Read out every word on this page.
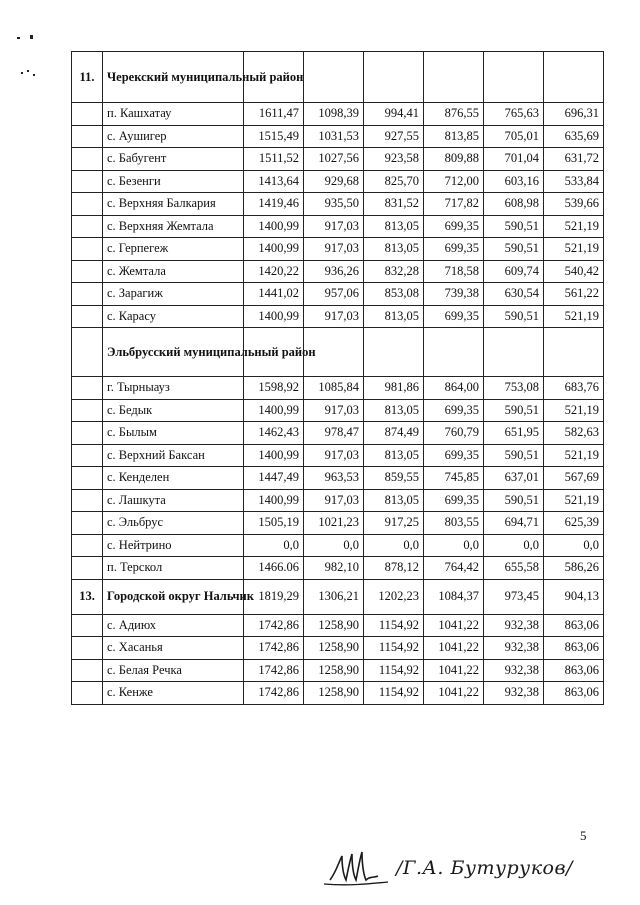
11.	Черекский муниципальный район						
	п. Кашхатау	1611,47	1098,39	994,41	876,55	765,63	696,31
	с. Аушигер	1515,49	1031,53	927,55	813,85	705,01	635,69
	с. Бабугент	1511,52	1027,56	923,58	809,88	701,04	631,72
	с. Безенги	1413,64	929,68	825,70	712,00	603,16	533,84
	с. Верхняя Балкария	1419,46	935,50	831,52	717,82	608,98	539,66
	с. Верхняя Жемтала	1400,99	917,03	813,05	699,35	590,51	521,19
	с. Герпегеж	1400,99	917,03	813,05	699,35	590,51	521,19
	с. Жемтала	1420,22	936,26	832,28	718,58	609,74	540,42
	с. Зарагиж	1441,02	957,06	853,08	739,38	630,54	561,22
	с. Карасу	1400,99	917,03	813,05	699,35	590,51	521,19
	Эльбрусский муниципальный район						
	г. Тырныауз	1598,92	1085,84	981,86	864,00	753,08	683,76
	с. Бедык	1400,99	917,03	813,05	699,35	590,51	521,19
	с. Былым	1462,43	978,47	874,49	760,79	651,95	582,63
	с. Верхний Баксан	1400,99	917,03	813,05	699,35	590,51	521,19
	с. Кенделен	1447,49	963,53	859,55	745,85	637,01	567,69
	с. Лашкута	1400,99	917,03	813,05	699,35	590,51	521,19
	с. Эльбрус	1505,19	1021,23	917,25	803,55	694,71	625,39
	с. Нейтрино	0,0	0,0	0,0	0,0	0,0	0,0
	п. Терскол	1466.06	982,10	878,12	764,42	655,58	586,26
13.	Городской округ Нальчик	1819,29	1306,21	1202,23	1084,37	973,45	904,13
	с. Адиюх	1742,86	1258,90	1154,92	1041,22	932,38	863,06
	с. Хасанья	1742,86	1258,90	1154,92	1041,22	932,38	863,06
	с. Белая Речка	1742,86	1258,90	1154,92	1041,22	932,38	863,06
	с. Кенже	1742,86	1258,90	1154,92	1041,22	932,38	863,06
5
/Г.А. Бутуруков/
